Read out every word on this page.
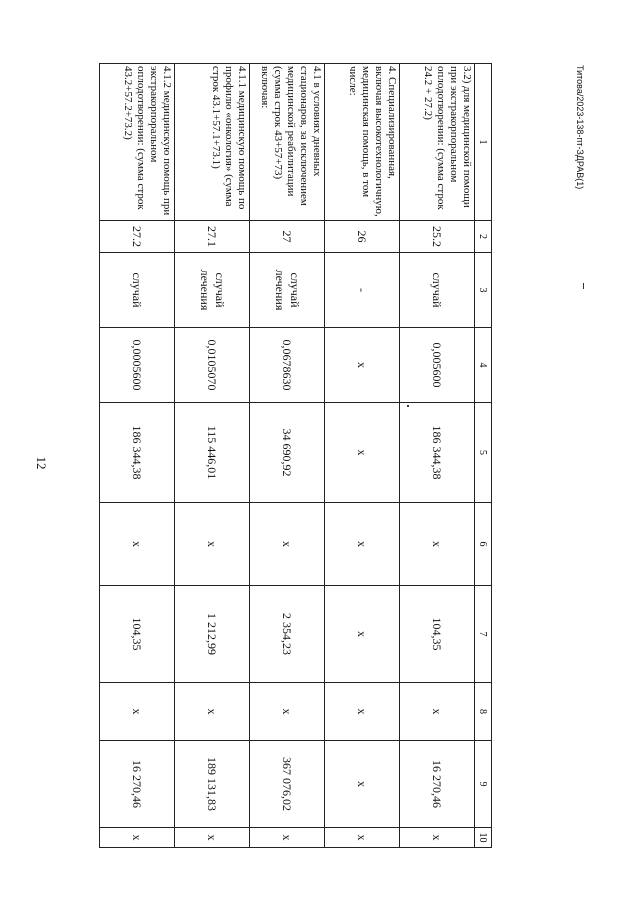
12
Титова/2023-138-пт-ЗДРАВ(1)
1	2	3	4	5	6	7	8	9	10
3.2) для медицинской помощи при экстракорпоральном оплодотворении: (сумма строк 24.2 + 27.2)	25.2	случай	0,005600	186 344,38	х	104,35	х	16 270,46	х
4. Специализированная, включая высокотехнологичную, медицинская помощь, в том числе:	26	-	х	х	х	х	х	х	х
4.1 в условиях дневных стационаров, за исключением медицинской реабилитации (сумма строк 43+57+73) включая:	27	случай лечения	0,0678630	34 690,92	х	2 354,23	х	367 076,02	х
4.1.1 медицинскую помощь по профилю «онкология» (сумма строк 43.1+57.1+73.1)	27.1	случай лечения	0,0105070	115 446,01	х	1 212,99	х	189 131,83	х
4.1.2 медицинскую помощь при экстракорпоральном оплодотворении: (сумма строк 43.2+57.2+73.2)	27.2	случай	0,0005600	186 344,38	х	104,35	х	16 270,46	х
